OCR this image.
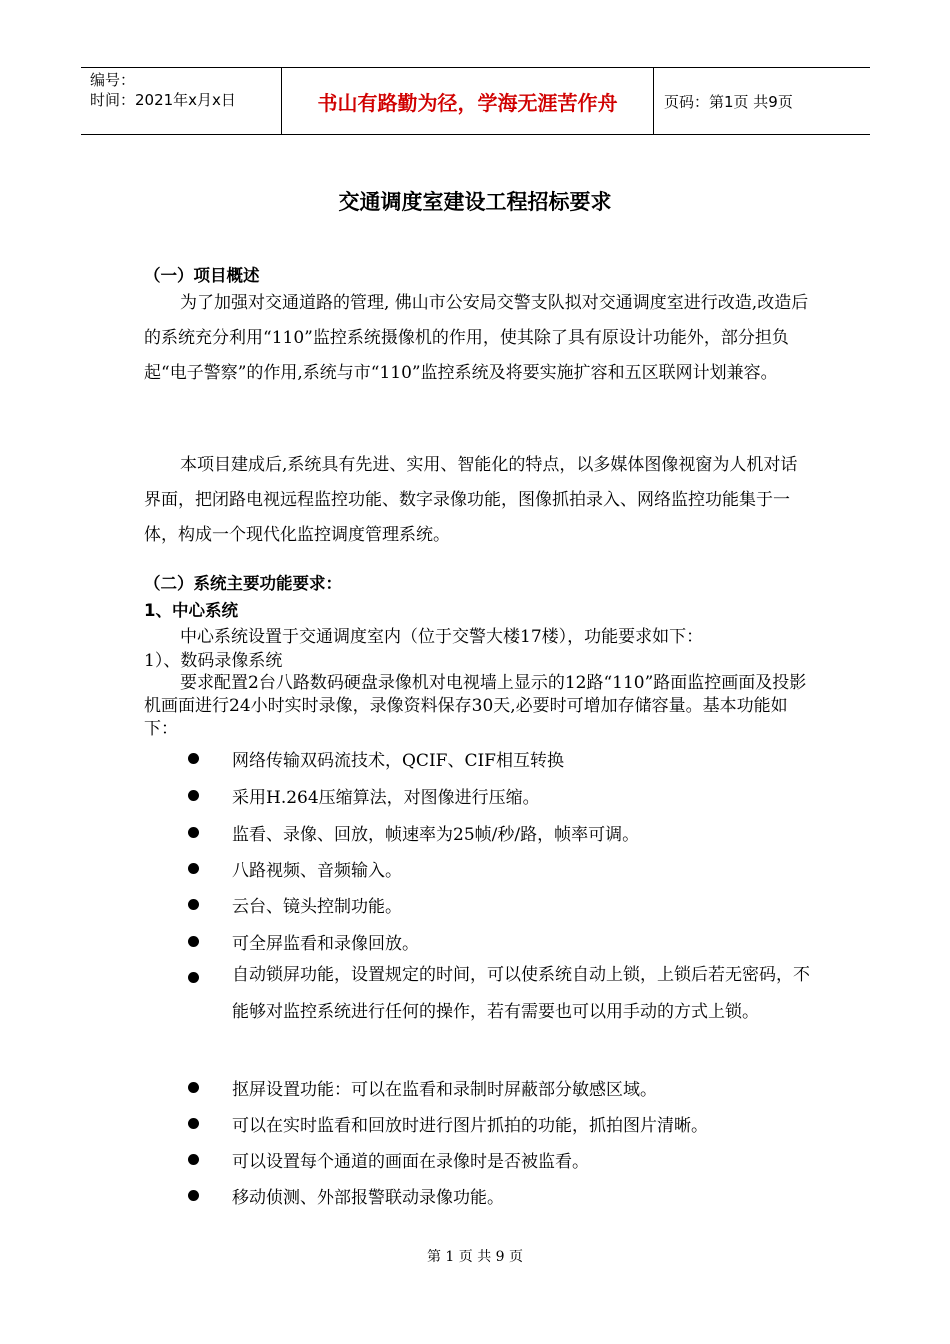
编号：
时间：2021年x月x日	书山有路勤为径，学海无涯苦作舟	页码：第1页 共9页
交通调度室建设工程招标要求
（一）项目概述
为了加强对交通道路的管理, 佛山市公安局交警支队拟对交通调度室进行改造,改造后的系统充分利用“110”监控系统摄像机的作用，使其除了具有原设计功能外，部分担负起“电子警察”的作用,系统与市“110”监控系统及将要实施扩容和五区联网计划兼容。
本项目建成后,系统具有先进、实用、智能化的特点，以多媒体图像视窗为人机对话界面，把闭路电视远程监控功能、数字录像功能，图像抓拍录入、网络监控功能集于一体，构成一个现代化监控调度管理系统。
（二）系统主要功能要求：
1、中心系统
中心系统设置于交通调度室内（位于交警大楼17楼），功能要求如下：
1）、数码录像系统
要求配置2台八路数码硬盘录像机对电视墙上显示的12路“110”路面监控画面及投影机画面进行24小时实时录像，录像资料保存30天,必要时可增加存储容量。基本功能如下：
网络传输双码流技术，QCIF、CIF相互转换
采用H.264压缩算法，对图像进行压缩。
监看、录像、回放，帧速率为25帧/秒/路，帧率可调。
八路视频、音频输入。
云台、镜头控制功能。
可全屏监看和录像回放。
自动锁屏功能，设置规定的时间，可以使系统自动上锁，上锁后若无密码，不能够对监控系统进行任何的操作，若有需要也可以用手动的方式上锁。
抠屏设置功能：可以在监看和录制时屏蔽部分敏感区域。
可以在实时监看和回放时进行图片抓拍的功能，抓拍图片清晰。
可以设置每个通道的画面在录像时是否被监看。
移动侦测、外部报警联动录像功能。
第 1 页 共 9 页
